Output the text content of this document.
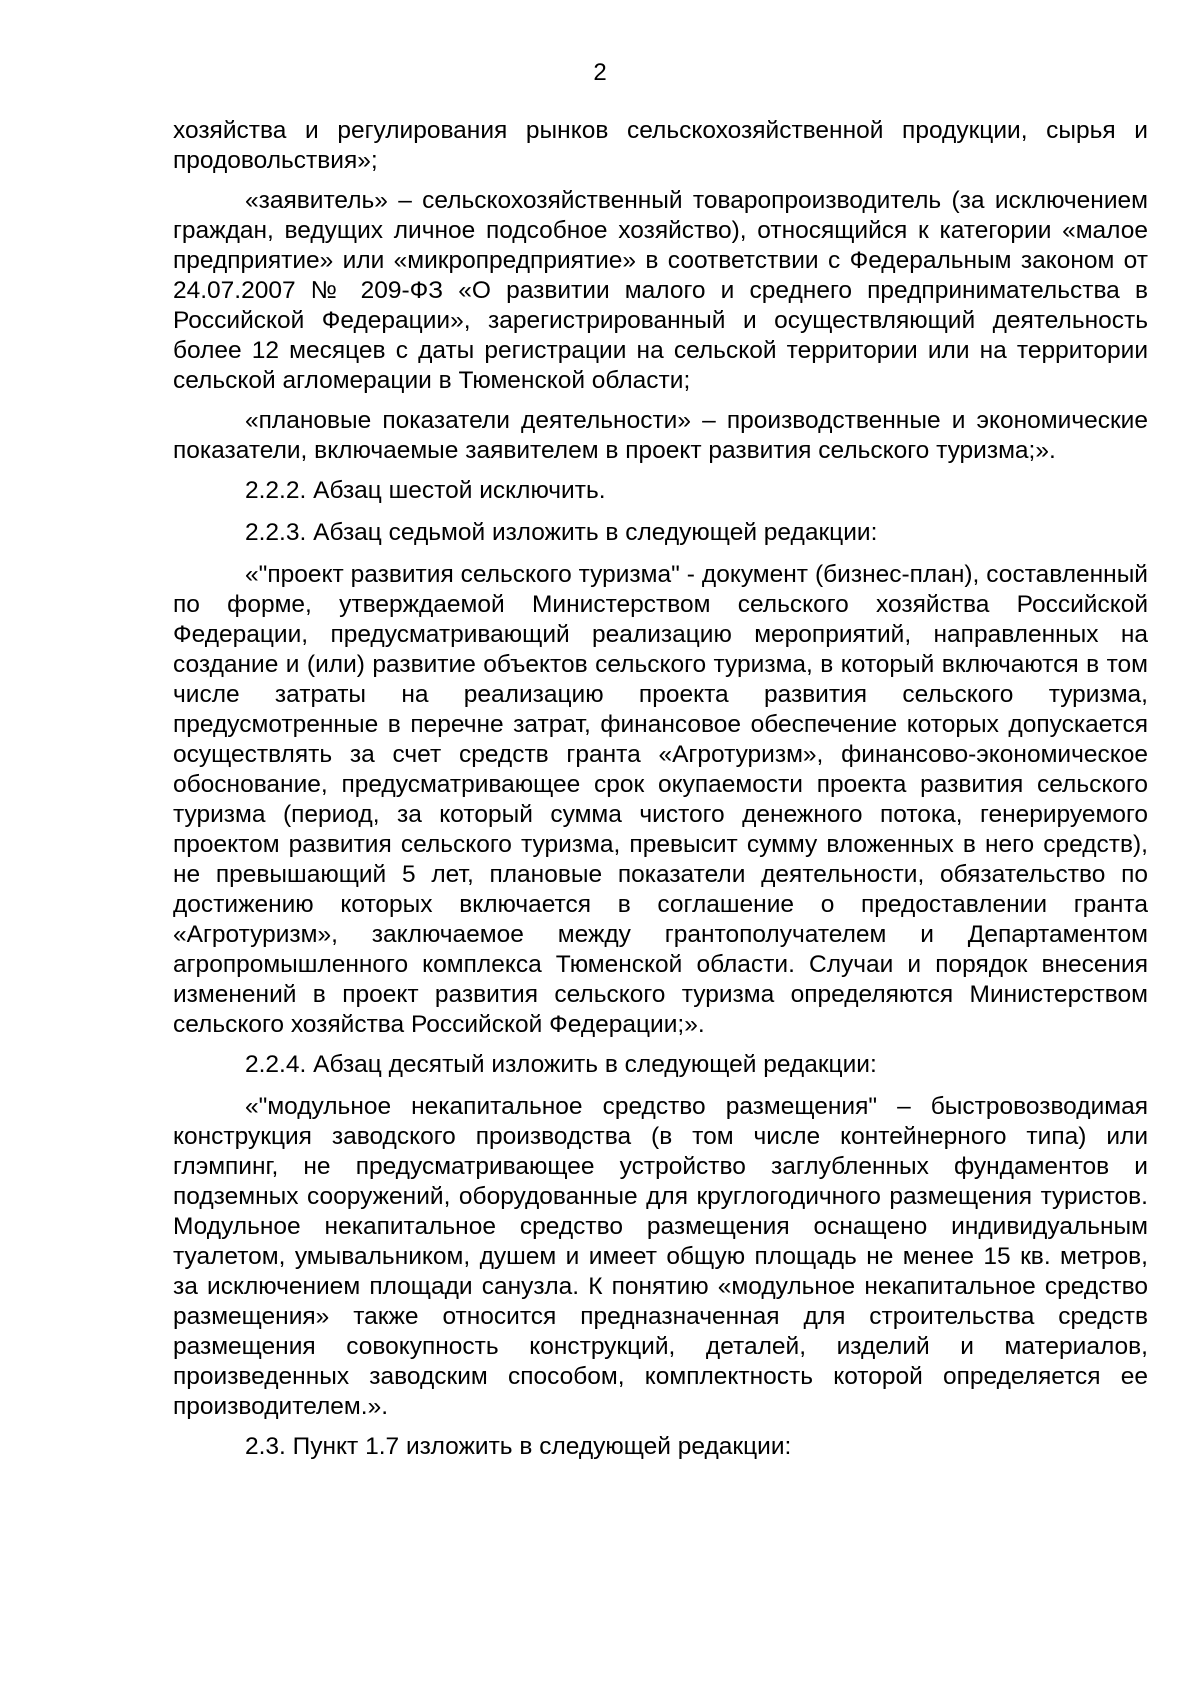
2

хозяйства и регулирования рынков сельскохозяйственной продукции, сырья и продовольствия»;

«заявитель» – сельскохозяйственный товаропроизводитель (за исключением граждан, ведущих личное подсобное хозяйство), относящийся к категории «малое предприятие» или «микропредприятие» в соответствии с Федеральным законом от 24.07.2007 № 209-ФЗ «О развитии малого и среднего предпринимательства в Российской Федерации», зарегистрированный и осуществляющий деятельность более 12 месяцев с даты регистрации на сельской территории или на территории сельской агломерации в Тюменской области;

«плановые показатели деятельности» – производственные и экономические показатели, включаемые заявителем в проект развития сельского туризма;».

2.2.2. Абзац шестой исключить.

2.2.3. Абзац седьмой изложить в следующей редакции:

«"проект развития сельского туризма" - документ (бизнес-план), составленный по форме, утверждаемой Министерством сельского хозяйства Российской Федерации, предусматривающий реализацию мероприятий, направленных на создание и (или) развитие объектов сельского туризма, в который включаются в том числе затраты на реализацию проекта развития сельского туризма, предусмотренные в перечне затрат, финансовое обеспечение которых допускается осуществлять за счет средств гранта «Агротуризм», финансово-экономическое обоснование, предусматривающее срок окупаемости проекта развития сельского туризма (период, за который сумма чистого денежного потока, генерируемого проектом развития сельского туризма, превысит сумму вложенных в него средств), не превышающий 5 лет, плановые показатели деятельности, обязательство по достижению которых включается в соглашение о предоставлении гранта «Агротуризм», заключаемое между грантополучателем и Департаментом агропромышленного комплекса Тюменской области. Случаи и порядок внесения изменений в проект развития сельского туризма определяются Министерством сельского хозяйства Российской Федерации;».

2.2.4. Абзац десятый изложить в следующей редакции:

«"модульное некапитальное средство размещения" – быстровозводимая конструкция заводского производства (в том числе контейнерного типа) или глэмпинг, не предусматривающее устройство заглубленных фундаментов и подземных сооружений, оборудованные для круглогодичного размещения туристов. Модульное некапитальное средство размещения оснащено индивидуальным туалетом, умывальником, душем и имеет общую площадь не менее 15 кв. метров, за исключением площади санузла. К понятию «модульное некапитальное средство размещения» также относится предназначенная для строительства средств размещения совокупность конструкций, деталей, изделий и материалов, произведенных заводским способом, комплектность которой определяется ее производителем.».

2.3. Пункт 1.7 изложить в следующей редакции:
